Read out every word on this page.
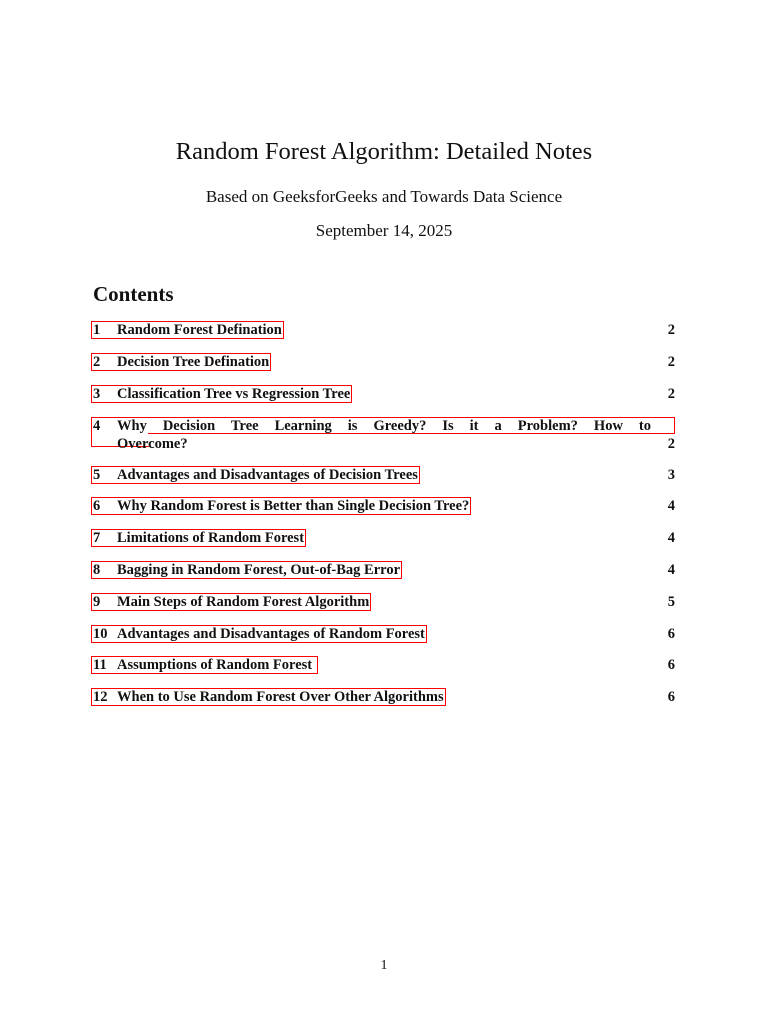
Random Forest Algorithm: Detailed Notes
Based on GeeksforGeeks and Towards Data Science
September 14, 2025
Contents
1 Random Forest Defination	2
2 Decision Tree Defination	2
3 Classification Tree vs Regression Tree	2
4 Why Decision Tree Learning is Greedy? Is it a Problem? How to
Overcome?	2
5 Advantages and Disadvantages of Decision Trees	3
6 Why Random Forest is Better than Single Decision Tree?	4
7 Limitations of Random Forest	4
8 Bagging in Random Forest, Out-of-Bag Error	4
9 Main Steps of Random Forest Algorithm	5
10 Advantages and Disadvantages of Random Forest	6
11 Assumptions of Random Forest	6
12 When to Use Random Forest Over Other Algorithms	6
1
